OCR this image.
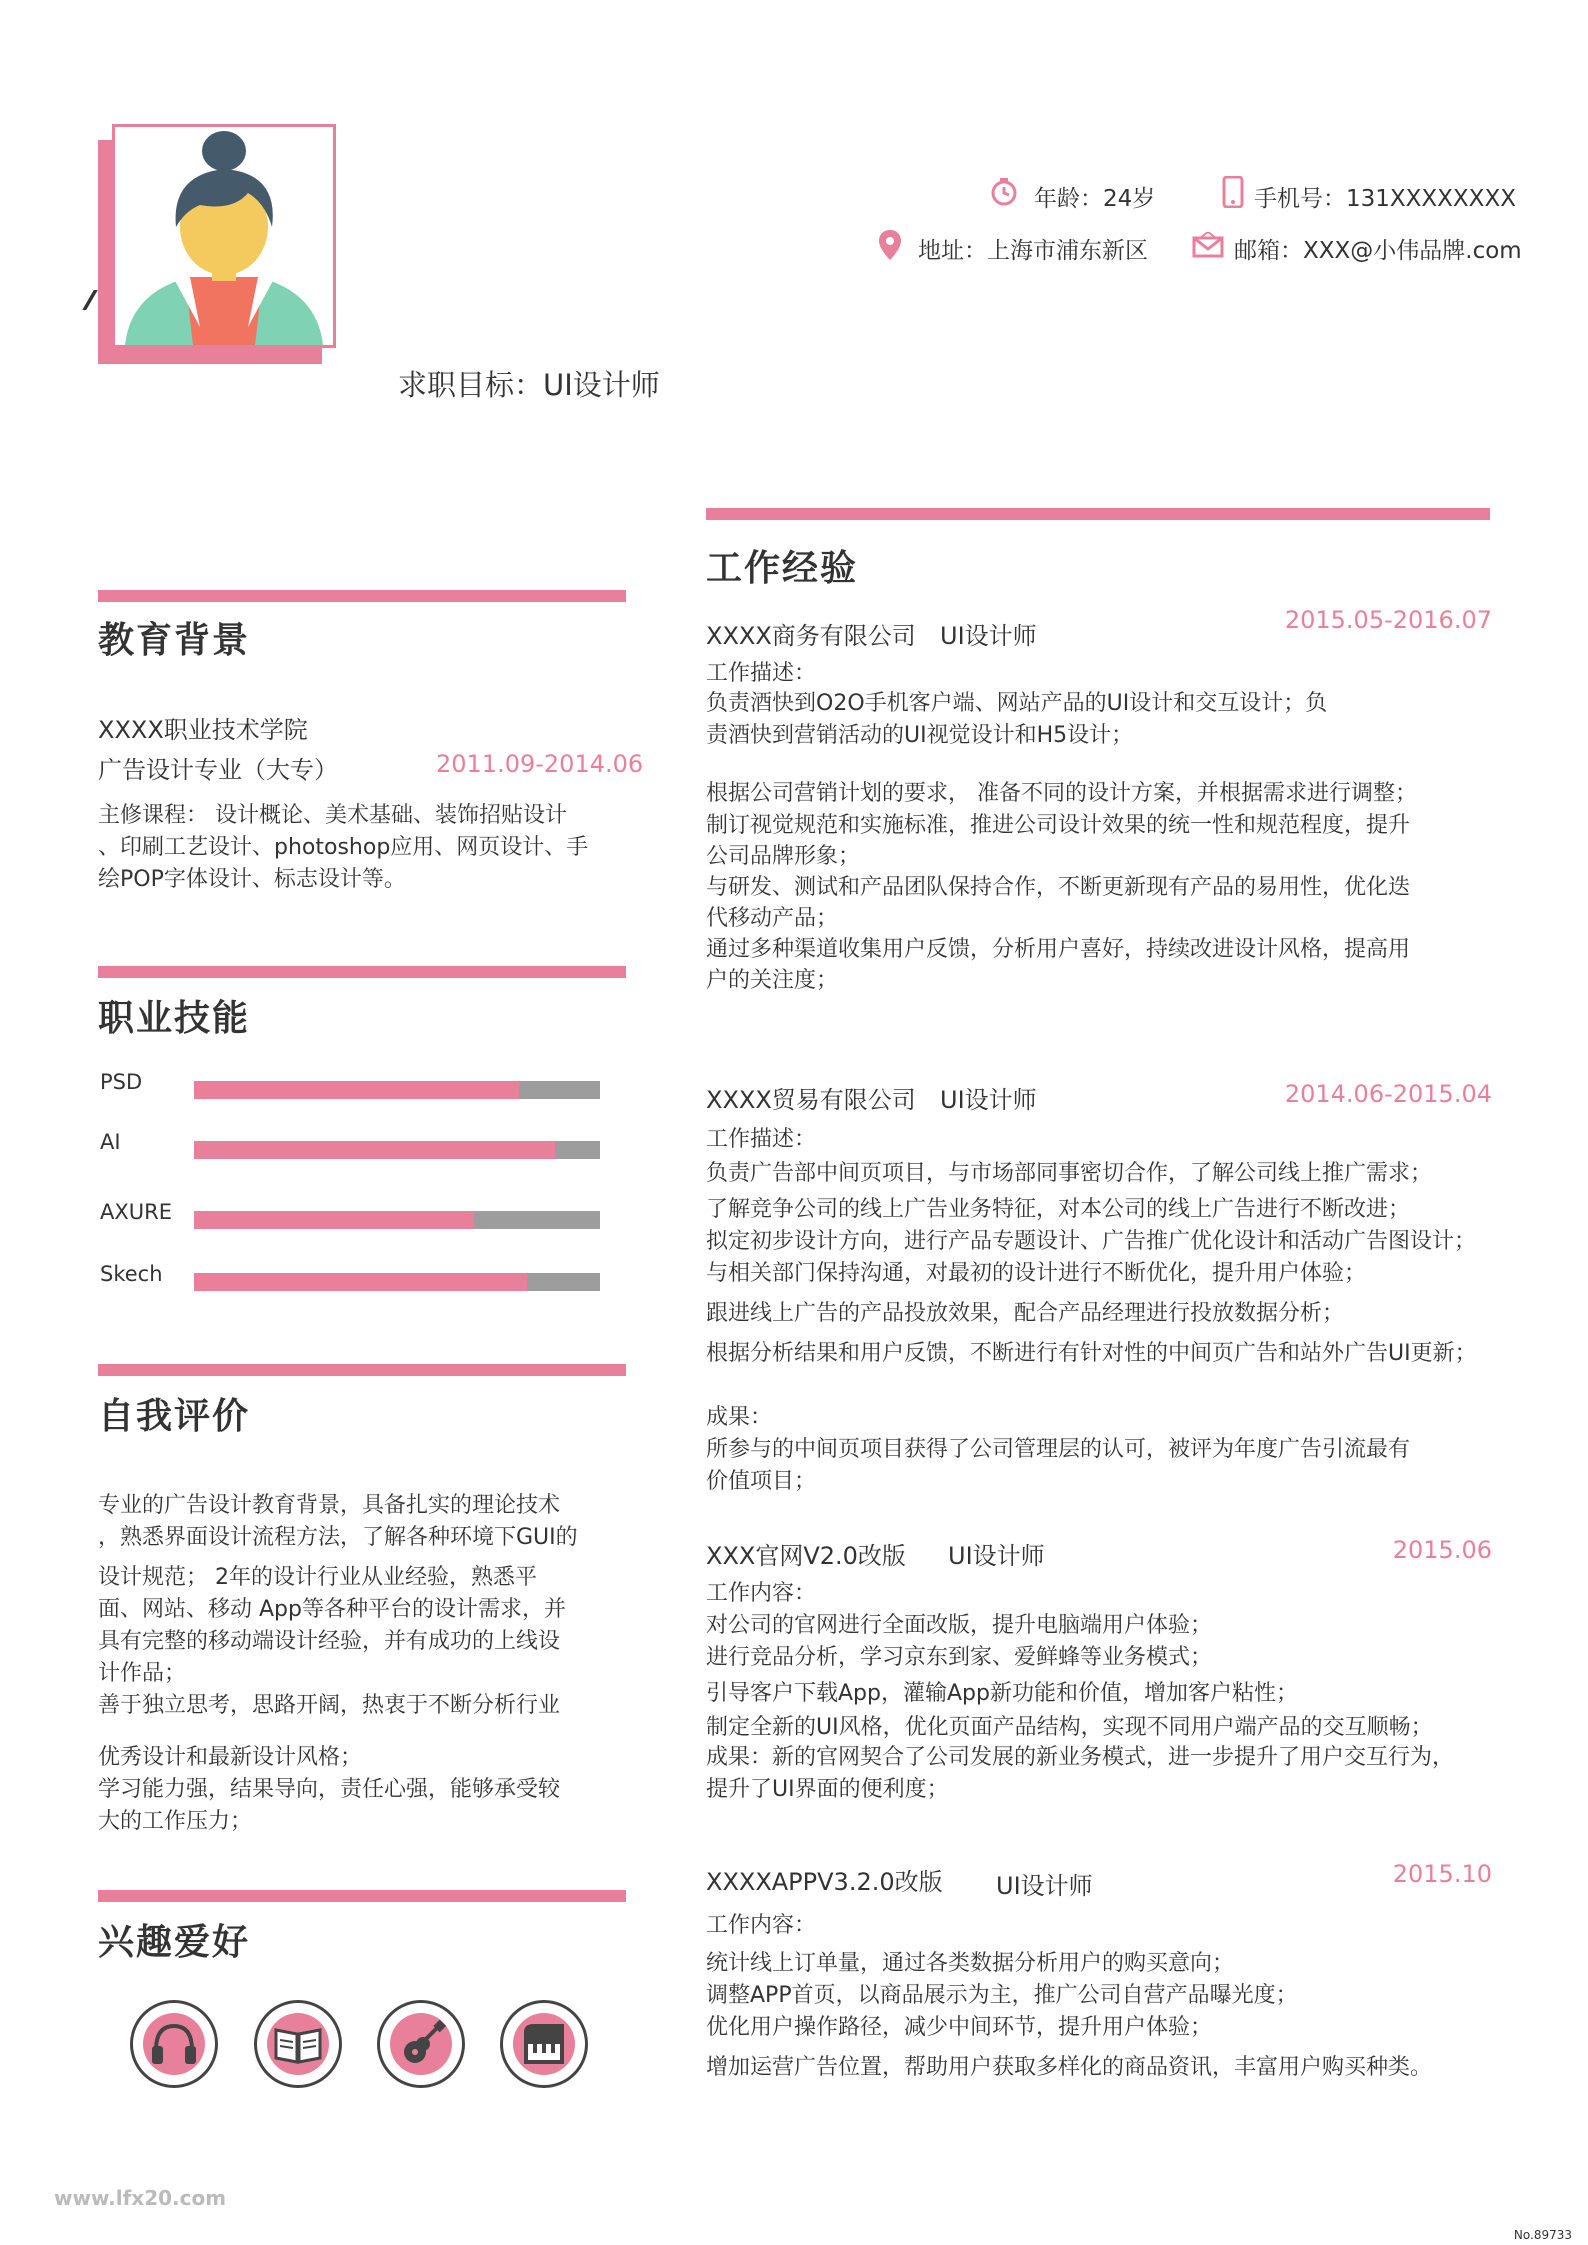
求职目标：UI设计师
年龄：24岁	手机号：131XXXXXXXX
地址：上海市浦东新区	邮箱：XXX@小伟品牌.com
教育背景
XXXX职业技术学院
广告设计专业（大专）	2011.09-2014.06
主修课程： 设计概论、美术基础、装饰招贴设计
、印刷工艺设计、photoshop应用、网页设计、手
绘POP字体设计、标志设计等。
职业技能
PSD
AI
AXURE
Skech
自我评价
专业的广告设计教育背景，具备扎实的理论技术
，熟悉界面设计流程方法，了解各种环境下GUI的
设计规范； 2年的设计行业从业经验，熟悉平
面、网站、移动 App等各种平台的设计需求，并
具有完整的移动端设计经验，并有成功的上线设
计作品；
善于独立思考，思路开阔，热衷于不断分析行业
优秀设计和最新设计风格；
学习能力强，结果导向，责任心强，能够承受较
大的工作压力；
兴趣爱好
工作经验
XXXX商务有限公司 UI设计师
2015.05-2016.07
工作描述：
负责酒快到O2O手机客户端、网站产品的UI设计和交互设计；负
责酒快到营销活动的UI视觉设计和H5设计；
根据公司营销计划的要求， 准备不同的设计方案，并根据需求进行调整；
制订视觉规范和实施标准，推进公司设计效果的统一性和规范程度，提升
公司品牌形象；
与研发、测试和产品团队保持合作，不断更新现有产品的易用性，优化迭
代移动产品；
通过多种渠道收集用户反馈，分析用户喜好，持续改进设计风格，提高用
户的关注度；
XXXX贸易有限公司 UI设计师	2014.06-2015.04
工作描述：
负责广告部中间页项目，与市场部同事密切合作，了解公司线上推广需求；
了解竞争公司的线上广告业务特征，对本公司的线上广告进行不断改进；
拟定初步设计方向，进行产品专题设计、广告推广优化设计和活动广告图设计；
与相关部门保持沟通，对最初的设计进行不断优化，提升用户体验；
跟进线上广告的产品投放效果，配合产品经理进行投放数据分析；
根据分析结果和用户反馈，不断进行有针对性的中间页广告和站外广告UI更新；
成果：
所参与的中间页项目获得了公司管理层的认可，被评为年度广告引流最有
价值项目；
XXX官网V2.0改版 UI设计师	2015.06
工作内容：
对公司的官网进行全面改版，提升电脑端用户体验；
进行竞品分析，学习京东到家、爱鲜蜂等业务模式；
引导客户下载App，灌输App新功能和价值，增加客户粘性；
制定全新的UI风格，优化页面产品结构，实现不同用户端产品的交互顺畅；
成果：新的官网契合了公司发展的新业务模式，进一步提升了用户交互行为，
提升了UI界面的便利度；
XXXXAPPV3.2.0改版 UI设计师	2015.10
工作内容：
统计线上订单量，通过各类数据分析用户的购买意向；
调整APP首页，以商品展示为主，推广公司自营产品曝光度；
优化用户操作路径，减少中间环节，提升用户体验；
增加运营广告位置，帮助用户获取多样化的商品资讯，丰富用户购买种类。
www.lfx20.com
No.89733
